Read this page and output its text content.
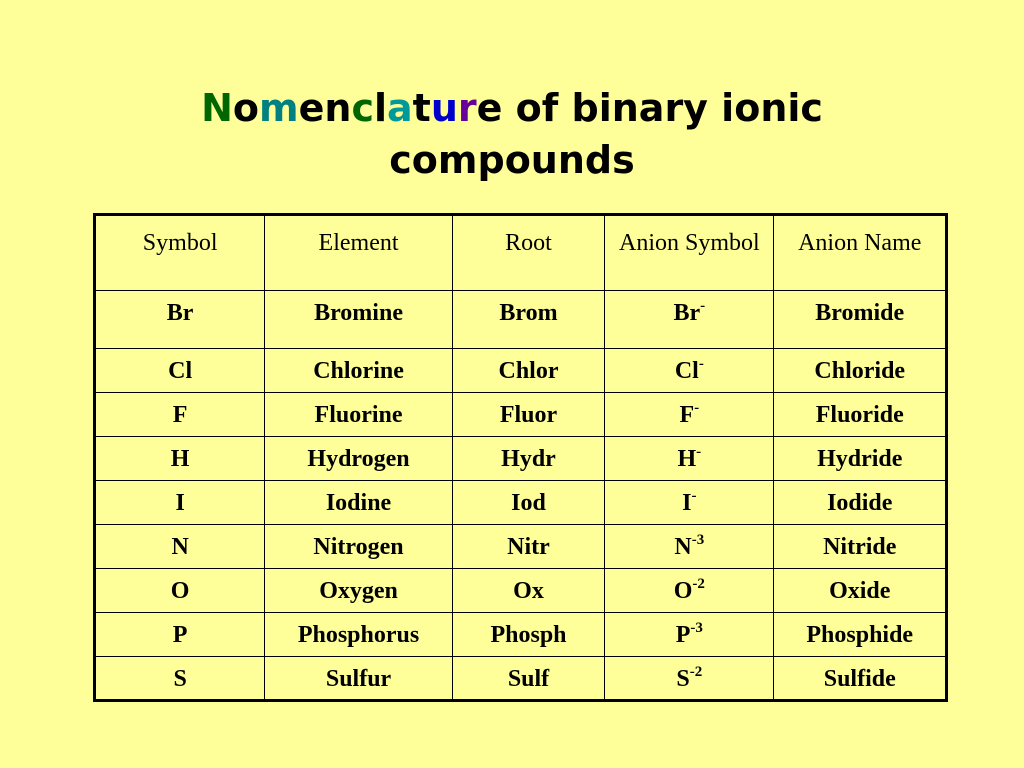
Nomenclature of binary ionic
compounds
Symbol	Element	Root	Anion Symbol	Anion Name
Br	Bromine	Brom	Br-	Bromide
Cl	Chlorine	Chlor	Cl-	Chloride
F	Fluorine	Fluor	F-	Fluoride
H	Hydrogen	Hydr	H-	Hydride
I	Iodine	Iod	I-	Iodide
N	Nitrogen	Nitr	$N^{-3}$	Nitride
O	Oxygen	Ox	$O^{-2}$	Oxide
P	Phosphorus	Phosph	$P^{-3}$	Phosphide
S	Sulfur	Sulf	$S^{-2}$	Sulfide
